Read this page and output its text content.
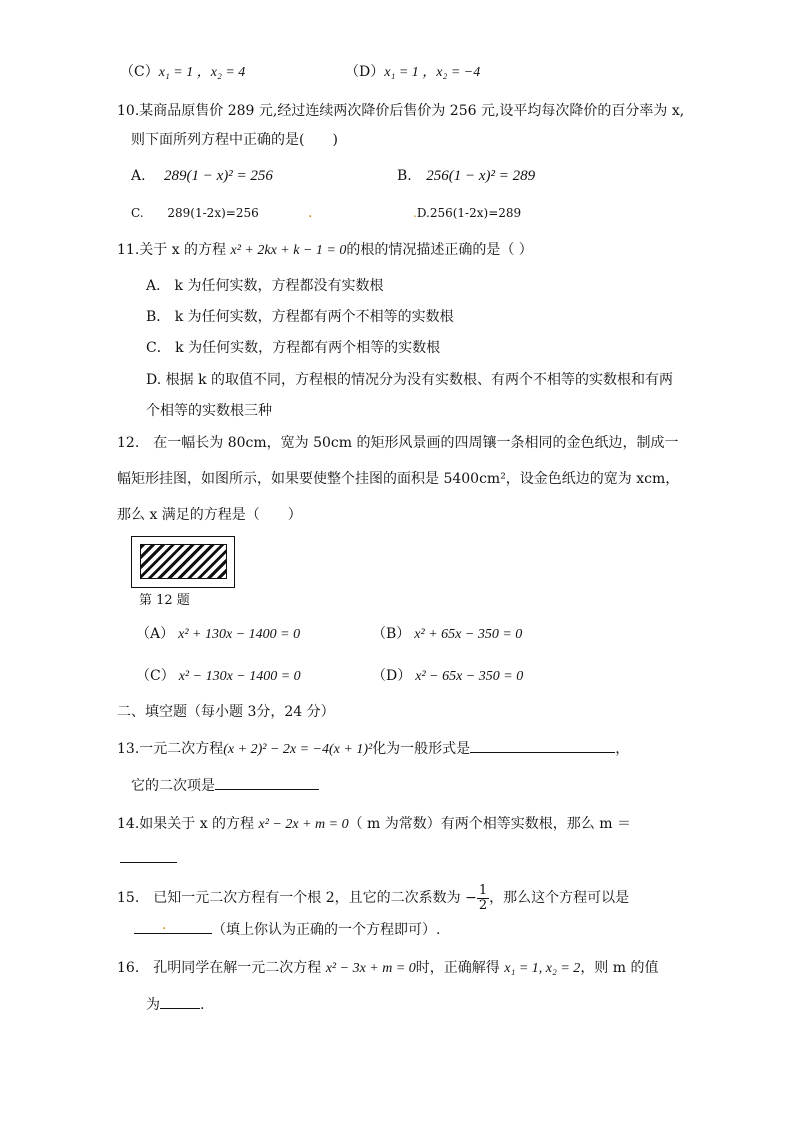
（C）x₁ = 1 ，x₂ = 4	（D）x₁ = 1 ，x₂ = −4
10.某商品原售价 289 元,经过连续两次降价后售价为 256 元,设平均每次降价的百分率为 x,
则下面所列方程中正确的是(　　)
A. 289(1 − x)² = 256	B. 256(1 − x)² = 289
C. 289(1-2x)=256	.	.D.256(1-2x)=289
11.关于 x 的方程 x² + 2kx + k − 1 = 0的根的情况描述正确的是（ ）
A． k 为任何实数，方程都没有实数根
B． k 为任何实数，方程都有两个不相等的实数根
C． k 为任何实数，方程都有两个相等的实数根
D. 根据 k 的取值不同，方程根的情况分为没有实数根、有两个不相等的实数根和有两
个相等的实数根三种
12.　在一幅长为 80cm，宽为 50cm 的矩形风景画的四周镶一条相同的金色纸边，制成一
幅矩形挂图，如图所示，如果要使整个挂图的面积是 5400cm²，设金色纸边的宽为 xcm，
那么 x 满足的方程是（　　）
第 12 题
（A） x² + 130x − 1400 = 0	（B） x² + 65x − 350 = 0
（C） x² − 130x − 1400 = 0	（D） x² − 65x − 350 = 0
二、填空题（每小题 3分，24 分）
13.一元二次方程(x + 2)² − 2x = −4(x + 1)²化为一般形式是	，
它的二次项是
14.如果关于 x 的方程 x² − 2x + m = 0（ m 为常数）有两个相等实数根，那么 m ＝
15.　已知一元二次方程有一个根 2，且它的二次系数为 − $\frac{1}{2}$ ，那么这个方程可以是
.	（填上你认为正确的一个方程即可）.
16.　孔明同学在解一元二次方程 x² − 3x + m = 0时，正确解得 x₁ = 1, x₂ = 2，则 m 的值
为	.
